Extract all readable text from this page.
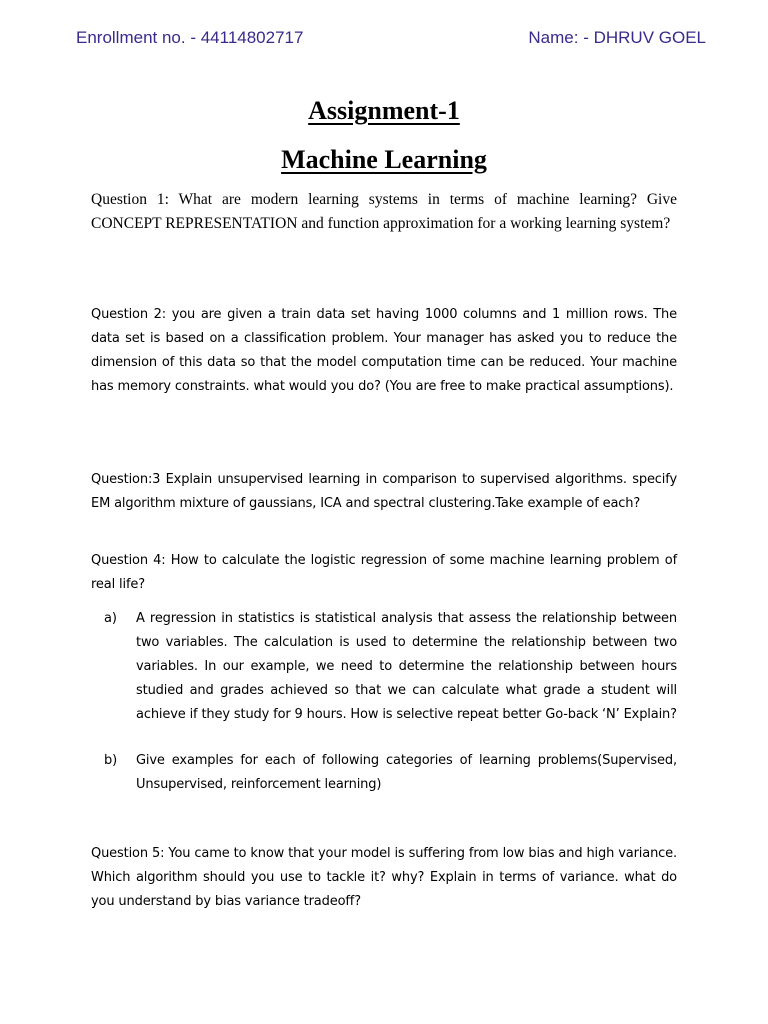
Enrollment no. - 44114802717	Name: - DHRUV GOEL
Assignment-1
Machine Learning

Question 1: What are modern learning systems in terms of machine learning? Give CONCEPT REPRESENTATION and function approximation for a working learning system?

Question 2: you are given a train data set having 1000 columns and 1 million rows. The data set is based on a classification problem. Your manager has asked you to reduce the dimension of this data so that the model computation time can be reduced. Your machine has memory constraints. what would you do? (You are free to make practical assumptions).

Question:3 Explain unsupervised learning in comparison to supervised algorithms. specify EM algorithm mixture of gaussians, ICA and spectral clustering.Take example of each?

Question 4: How to calculate the logistic regression of some machine learning problem of real life?

a)	A regression in statistics is statistical analysis that assess the relationship between two variables. The calculation is used to determine the relationship between two variables. In our example, we need to determine the relationship between hours studied and grades achieved so that we can calculate what grade a student will achieve if they study for 9 hours. How is selective repeat better Go-back ‘N’ Explain?
b)	Give examples for each of following categories of learning problems(Supervised, Unsupervised, reinforcement learning)

Question 5: You came to know that your model is suffering from low bias and high variance. Which algorithm should you use to tackle it? why? Explain in terms of variance. what do you understand by bias variance tradeoff?
